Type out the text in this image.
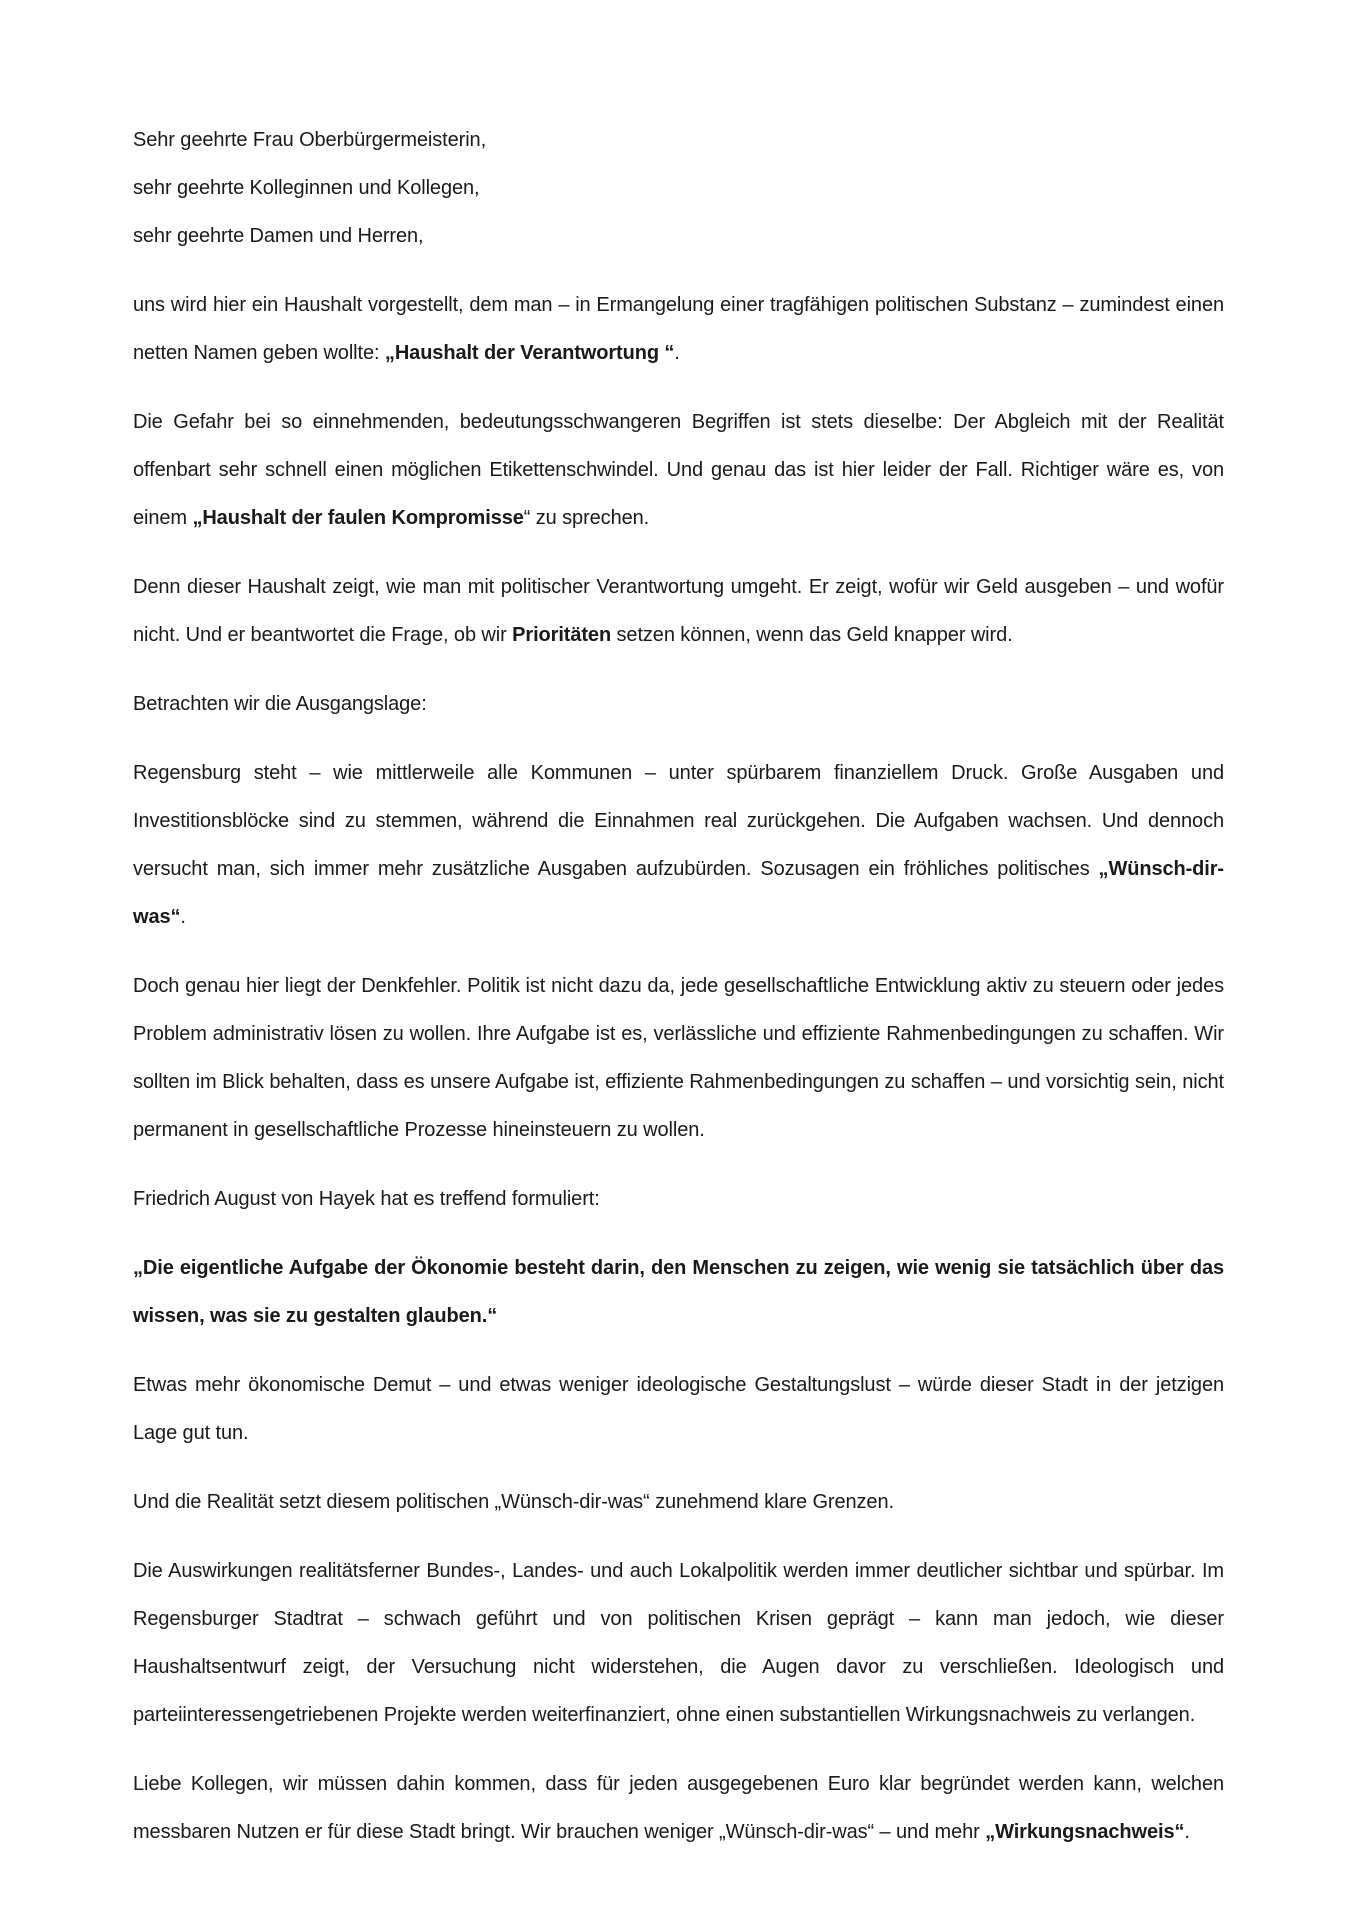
Sehr geehrte Frau Oberbürgermeisterin,
sehr geehrte Kolleginnen und Kollegen,
sehr geehrte Damen und Herren,

uns wird hier ein Haushalt vorgestellt, dem man – in Ermangelung einer tragfähigen politischen Substanz – zumindest einen netten Namen geben wollte: „Haushalt der Verantwortung “.

Die Gefahr bei so einnehmenden, bedeutungsschwangeren Begriffen ist stets dieselbe: Der Abgleich mit der Realität offenbart sehr schnell einen möglichen Etikettenschwindel. Und genau das ist hier leider der Fall. Richtiger wäre es, von einem „Haushalt der faulen Kompromisse“ zu sprechen.

Denn dieser Haushalt zeigt, wie man mit politischer Verantwortung umgeht. Er zeigt, wofür wir Geld ausgeben – und wofür nicht. Und er beantwortet die Frage, ob wir Prioritäten setzen können, wenn das Geld knapper wird.

Betrachten wir die Ausgangslage:

Regensburg steht – wie mittlerweile alle Kommunen – unter spürbarem finanziellem Druck. Große Ausgaben und Investitionsblöcke sind zu stemmen, während die Einnahmen real zurückgehen. Die Aufgaben wachsen. Und dennoch versucht man, sich immer mehr zusätzliche Ausgaben aufzubürden. Sozusagen ein fröhliches politisches „Wünsch-dir-was“.

Doch genau hier liegt der Denkfehler. Politik ist nicht dazu da, jede gesellschaftliche Entwicklung aktiv zu steuern oder jedes Problem administrativ lösen zu wollen. Ihre Aufgabe ist es, verlässliche und effiziente Rahmenbedingungen zu schaffen. Wir sollten im Blick behalten, dass es unsere Aufgabe ist, effiziente Rahmenbedingungen zu schaffen – und vorsichtig sein, nicht permanent in gesellschaftliche Prozesse hineinsteuern zu wollen.

Friedrich August von Hayek hat es treffend formuliert:

„Die eigentliche Aufgabe der Ökonomie besteht darin, den Menschen zu zeigen, wie wenig sie tatsächlich über das wissen, was sie zu gestalten glauben.“

Etwas mehr ökonomische Demut – und etwas weniger ideologische Gestaltungslust – würde dieser Stadt in der jetzigen Lage gut tun.

Und die Realität setzt diesem politischen „Wünsch-dir-was“ zunehmend klare Grenzen.

Die Auswirkungen realitätsferner Bundes-, Landes- und auch Lokalpolitik werden immer deutlicher sichtbar und spürbar. Im Regensburger Stadtrat – schwach geführt und von politischen Krisen geprägt – kann man jedoch, wie dieser Haushaltsentwurf zeigt, der Versuchung nicht widerstehen, die Augen davor zu verschließen. Ideologisch und parteiinteressengetriebenen Projekte werden weiterfinanziert, ohne einen substantiellen Wirkungsnachweis zu verlangen.

Liebe Kollegen, wir müssen dahin kommen, dass für jeden ausgegebenen Euro klar begründet werden kann, welchen messbaren Nutzen er für diese Stadt bringt. Wir brauchen weniger „Wünsch-dir-was“ – und mehr „Wirkungsnachweis“.
